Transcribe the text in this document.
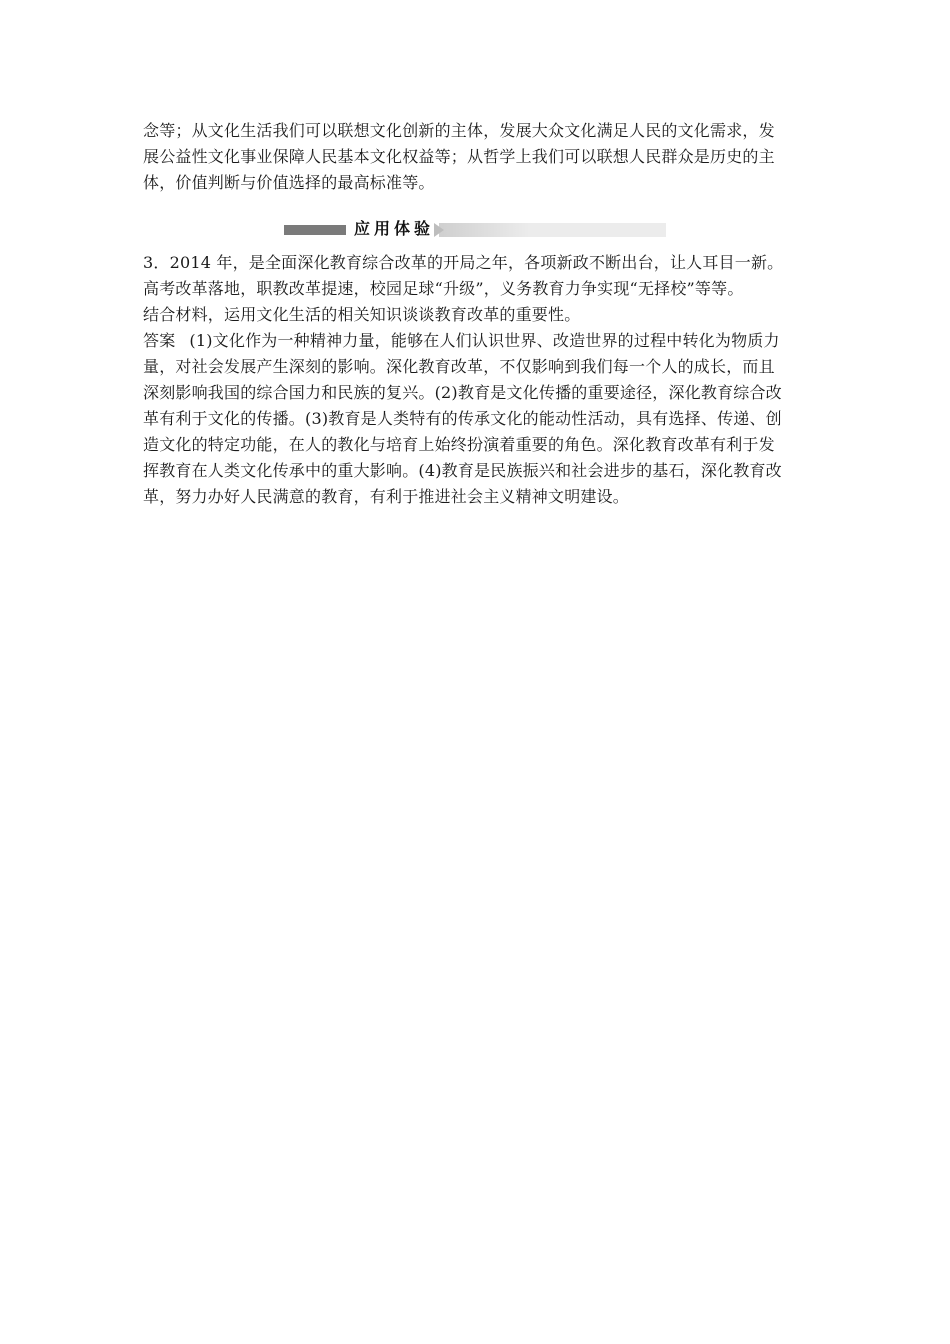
念等；从文化生活我们可以联想文化创新的主体，发展大众文化满足人民的文化需求，发
展公益性文化事业保障人民基本文化权益等；从哲学上我们可以联想人民群众是历史的主
体，价值判断与价值选择的最高标准等。

应用体验

3．2014 年，是全面深化教育综合改革的开局之年，各项新政不断出台，让人耳目一新。
高考改革落地，职教改革提速，校园足球“升级”，义务教育力争实现“无择校”等等。
结合材料，运用文化生活的相关知识谈谈教育改革的重要性。

答案 (1)文化作为一种精神力量，能够在人们认识世界、改造世界的过程中转化为物质力
量，对社会发展产生深刻的影响。深化教育改革，不仅影响到我们每一个人的成长，而且
深刻影响我国的综合国力和民族的复兴。(2)教育是文化传播的重要途径，深化教育综合改
革有利于文化的传播。(3)教育是人类特有的传承文化的能动性活动，具有选择、传递、创
造文化的特定功能，在人的教化与培育上始终扮演着重要的角色。深化教育改革有利于发
挥教育在人类文化传承中的重大影响。(4)教育是民族振兴和社会进步的基石，深化教育改
革，努力办好人民满意的教育，有利于推进社会主义精神文明建设。
